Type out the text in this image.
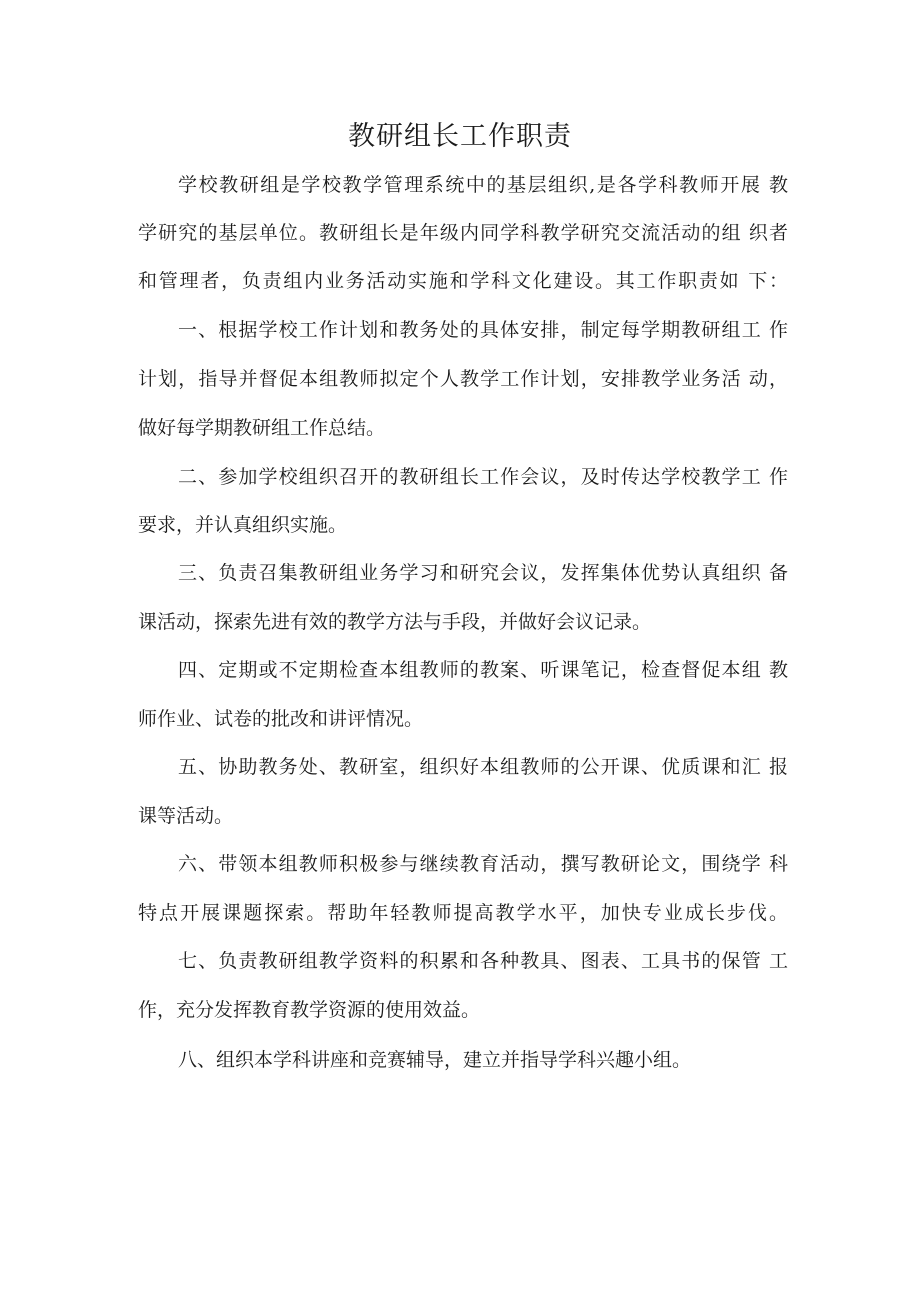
教研组长工作职责
学校教研组是学校教学管理系统中的基层组织,是各学科教师开展 教
学研究的基层单位。教研组长是年级内同学科教学研究交流活动的组 织者
和管理者，负责组内业务活动实施和学科文化建设。其工作职责如 下：
一、根据学校工作计划和教务处的具体安排，制定每学期教研组工 作
计划，指导并督促本组教师拟定个人教学工作计划，安排教学业务活 动，
做好每学期教研组工作总结。
二、参加学校组织召开的教研组长工作会议，及时传达学校教学工 作
要求，并认真组织实施。
三、负责召集教研组业务学习和研究会议，发挥集体优势认真组织 备
课活动，探索先进有效的教学方法与手段，并做好会议记录。
四、定期或不定期检查本组教师的教案、听课笔记，检查督促本组 教
师作业、试卷的批改和讲评情况。
五、协助教务处、教研室，组织好本组教师的公开课、优质课和汇 报
课等活动。
六、带领本组教师积极参与继续教育活动，撰写教研论文，围绕学 科
特点开展课题探索。帮助年轻教师提高教学水平，加快专业成长步伐。
七、负责教研组教学资料的积累和各种教具、图表、工具书的保管 工
作，充分发挥教育教学资源的使用效益。
八、组织本学科讲座和竞赛辅导，建立并指导学科兴趣小组。
